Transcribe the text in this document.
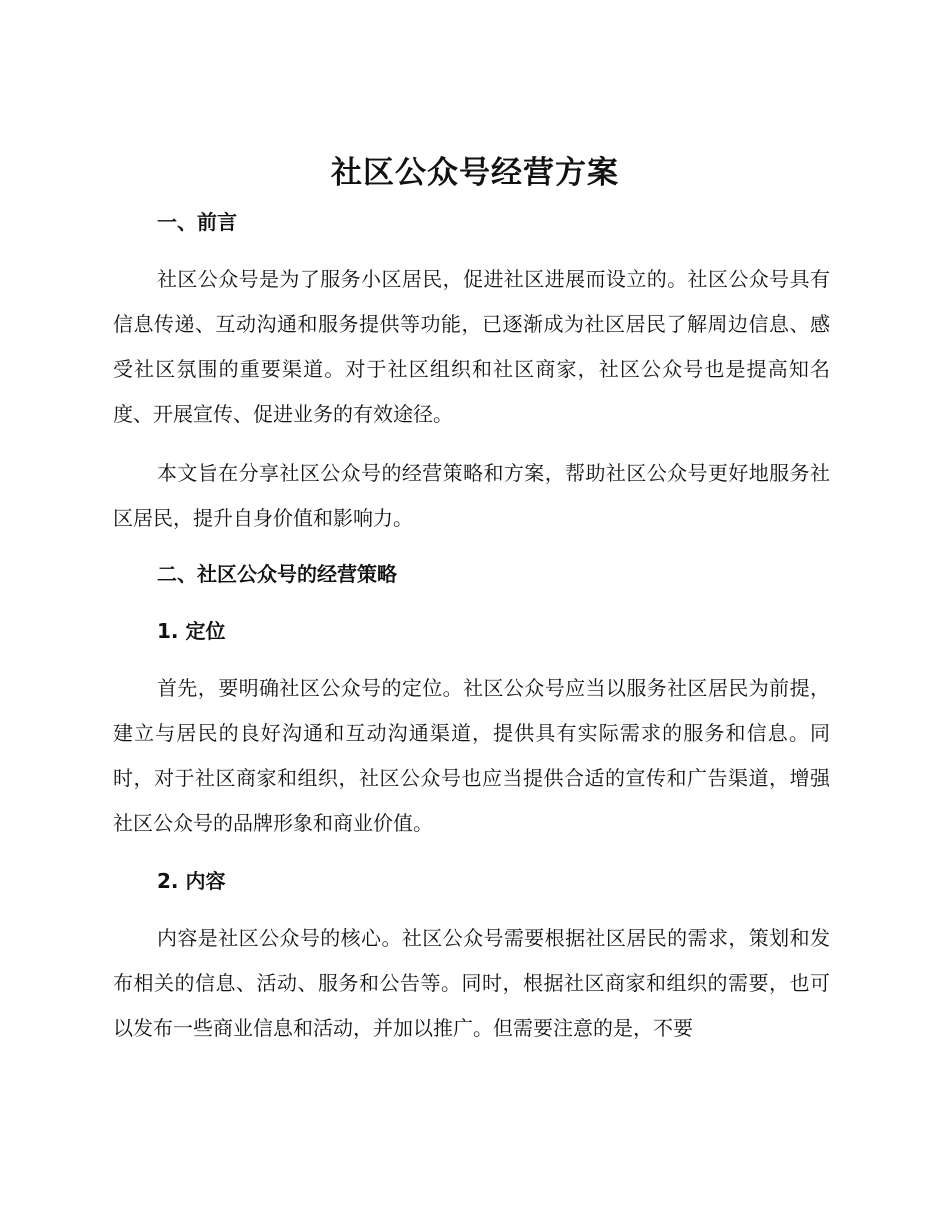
社区公众号经营方案
一、前言

社区公众号是为了服务小区居民，促进社区进展而设立的。社区公众号具有信息传递、互动沟通和服务提供等功能，已逐渐成为社区居民了解周边信息、感受社区氛围的重要渠道。对于社区组织和社区商家，社区公众号也是提高知名度、开展宣传、促进业务的有效途径。

本文旨在分享社区公众号的经营策略和方案，帮助社区公众号更好地服务社区居民，提升自身价值和影响力。

二、社区公众号的经营策略
1. 定位

首先，要明确社区公众号的定位。社区公众号应当以服务社区居民为前提，建立与居民的良好沟通和互动沟通渠道，提供具有实际需求的服务和信息。同时，对于社区商家和组织，社区公众号也应当提供合适的宣传和广告渠道，增强社区公众号的品牌形象和商业价值。

2. 内容

内容是社区公众号的核心。社区公众号需要根据社区居民的需求，策划和发布相关的信息、活动、服务和公告等。同时，根据社区商家和组织的需要，也可以发布一些商业信息和活动，并加以推广。但需要注意的是，不要
